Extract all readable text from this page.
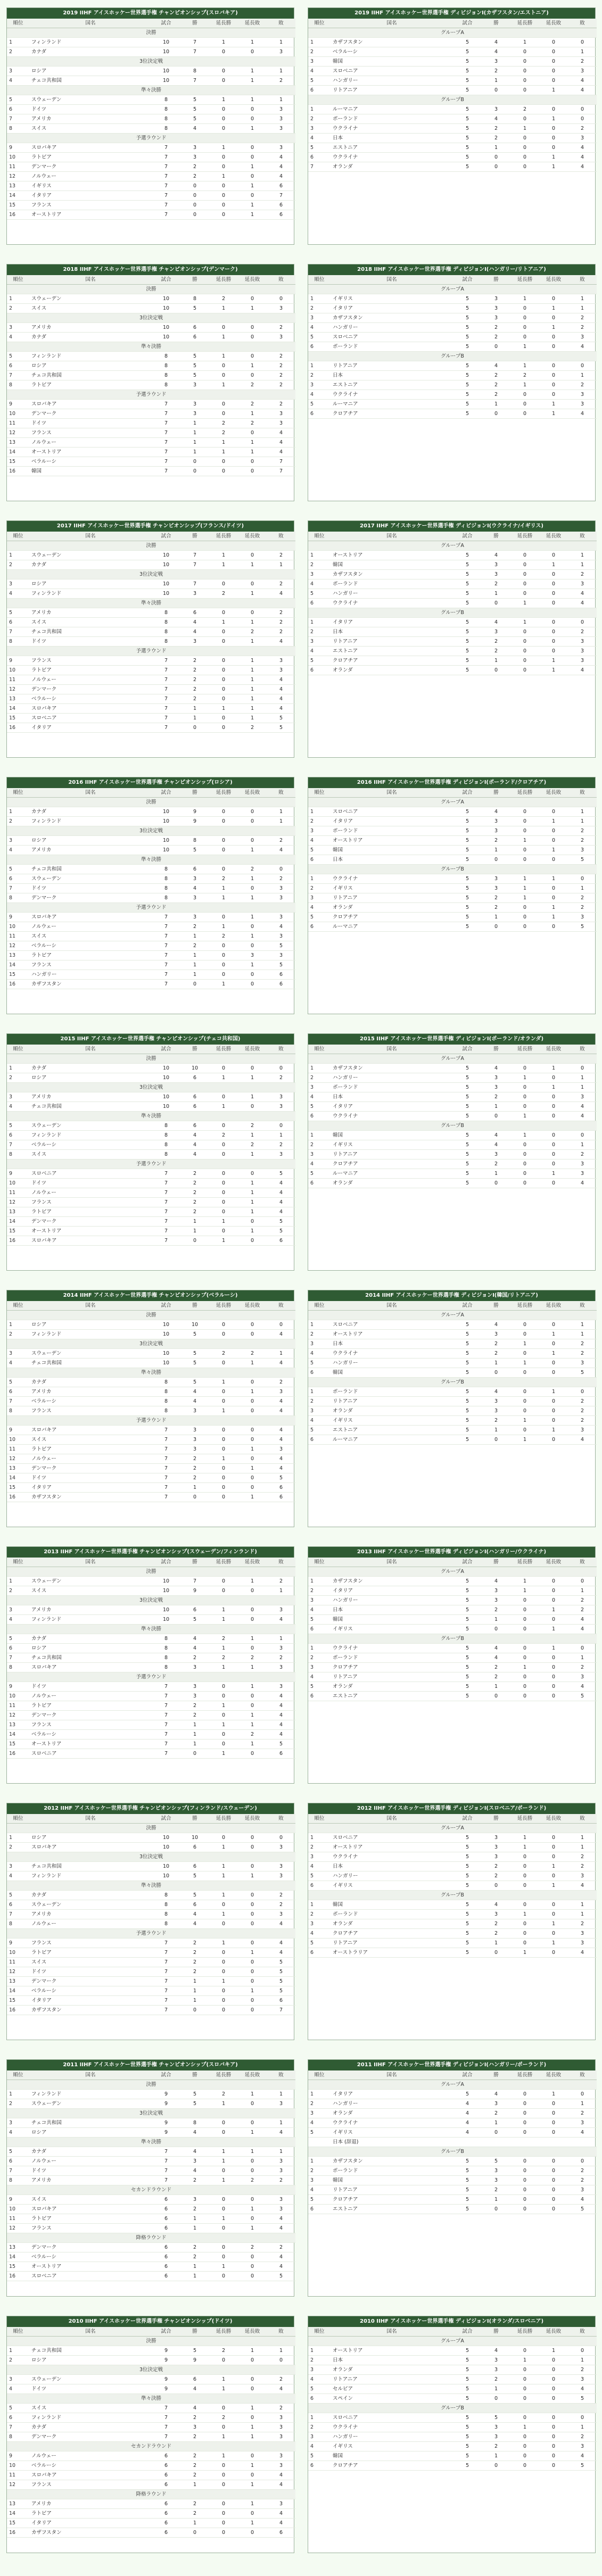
2019 IIHF アイスホッケー世界選手権 チャンピオンシップ(スロバキア)
順位	国名	試合	勝	延長勝	延長敗	敗
決勝						
1	フィンランド	10	7	1	1	1
2	カナダ	10	7	0	0	3
3位決定戦						
3	ロシア	10	8	0	1	1
4	チェコ共和国	10	7	0	1	2
準々決勝						
5	スウェーデン	8	5	1	1	1
6	ドイツ	8	5	0	0	3
7	アメリカ	8	5	0	0	3
8	スイス	8	4	0	1	3
予選ラウンド						
9	スロバキア	7	3	1	0	3
10	ラトビア	7	3	0	0	4
11	デンマーク	7	2	0	1	4
12	ノルウェー	7	2	1	0	4
13	イギリス	7	0	0	1	6
14	イタリア	7	0	0	0	7
15	フランス	7	0	0	1	6
16	オーストリア	7	0	0	1	6
2019 IIHF アイスホッケー世界選手権 ディビジョンI(カザフスタン/エストニア)
順位	国名	試合	勝	延長勝	延長敗	敗
グループA						
1	カザフスタン	5	4	1	0	0
2	ベラルーシ	5	4	0	0	1
3	韓国	5	3	0	0	2
4	スロベニア	5	2	0	0	3
5	ハンガリー	5	1	0	0	4
6	リトアニア	5	0	0	1	4
グループB						
1	ルーマニア	5	3	2	0	0
2	ポーランド	5	4	0	1	0
3	ウクライナ	5	2	1	0	2
4	日本	5	2	0	0	3
5	エストニア	5	1	0	0	4
6	ウクライナ	5	0	0	1	4
7	オランダ	5	0	0	1	4
2018 IIHF アイスホッケー世界選手権 チャンピオンシップ(デンマーク)
順位	国名	試合	勝	延長勝	延長敗	敗
決勝						
1	スウェーデン	10	8	2	0	0
2	スイス	10	5	1	1	3
3位決定戦						
3	アメリカ	10	6	0	0	2
4	カナダ	10	6	1	0	3
準々決勝						
5	フィンランド	8	5	1	0	2
6	ロシア	8	5	0	1	2
7	チェコ共和国	8	5	0	0	2
8	ラトビア	8	3	1	2	2
予選ラウンド						
9	スロバキア	7	3	0	2	2
10	デンマーク	7	3	0	1	3
11	ドイツ	7	1	2	2	3
12	フランス	7	1	2	0	4
13	ノルウェー	7	1	1	1	4
14	オーストリア	7	1	1	1	4
15	ベラルーシ	7	0	0	0	7
16	韓国	7	0	0	0	7
2018 IIHF アイスホッケー世界選手権 ディビジョンI(ハンガリー/リトアニア)
順位	国名	試合	勝	延長勝	延長敗	敗
グループA						
1	イギリス	5	3	1	0	1
2	イタリア	5	3	0	1	1
3	カザフスタン	5	3	0	0	2
4	ハンガリー	5	2	0	1	2
5	スロベニア	5	2	0	0	3
6	ポーランド	5	0	1	0	4
グループB						
1	リトアニア	5	4	1	0	0
2	日本	5	2	2	0	1
3	エストニア	5	2	1	0	2
4	ウクライナ	5	2	0	0	3
5	ルーマニア	5	1	0	1	3
6	クロアチア	5	0	0	1	4
2017 IIHF アイスホッケー世界選手権 チャンピオンシップ(フランス/ドイツ)
順位	国名	試合	勝	延長勝	延長敗	敗
決勝						
1	スウェーデン	10	7	1	0	2
2	カナダ	10	7	1	1	1
3位決定戦						
3	ロシア	10	7	0	0	2
4	フィンランド	10	3	2	1	4
準々決勝						
5	アメリカ	8	6	0	0	2
6	スイス	8	4	1	1	2
7	チェコ共和国	8	4	0	2	2
8	ドイツ	8	3	0	1	4
予選ラウンド						
9	フランス	7	2	0	1	3
10	ラトビア	7	2	0	1	3
11	ノルウェー	7	2	0	1	4
12	デンマーク	7	2	0	1	4
13	ベラルーシ	7	2	0	1	4
14	スロバキア	7	1	1	1	4
15	スロベニア	7	1	0	1	5
16	イタリア	7	0	0	2	5
2017 IIHF アイスホッケー世界選手権 ディビジョンI(ウクライナ/イギリス)
順位	国名	試合	勝	延長勝	延長敗	敗
グループA						
1	オーストリア	5	4	0	0	1
2	韓国	5	3	0	1	1
3	カザフスタン	5	3	0	0	2
4	ポーランド	5	2	0	0	3
5	ハンガリー	5	1	0	0	4
6	ウクライナ	5	0	1	0	4
グループB						
1	イタリア	5	4	1	0	0
2	日本	5	3	0	0	2
3	リトアニア	5	2	0	0	3
4	エストニア	5	2	0	0	3
5	クロアチア	5	1	0	1	3
6	オランダ	5	0	0	1	4
2016 IIHF アイスホッケー世界選手権 チャンピオンシップ(ロシア)
順位	国名	試合	勝	延長勝	延長敗	敗
決勝						
1	カナダ	10	9	0	0	1
2	フィンランド	10	9	0	0	1
3位決定戦						
3	ロシア	10	8	0	0	2
4	アメリカ	10	5	0	1	4
準々決勝						
5	チェコ共和国	8	6	0	2	0
6	スウェーデン	8	3	2	1	2
7	ドイツ	8	4	1	0	3
8	デンマーク	8	3	1	1	3
予選ラウンド						
9	スロバキア	7	3	0	1	3
10	ノルウェー	7	2	1	0	4
11	スイス	7	1	2	1	3
12	ベラルーシ	7	2	0	0	5
13	ラトビア	7	1	0	3	3
14	フランス	7	1	0	1	5
15	ハンガリー	7	1	0	0	6
16	カザフスタン	7	0	1	0	6
2016 IIHF アイスホッケー世界選手権 ディビジョンI(ポーランド/クロアチア)
順位	国名	試合	勝	延長勝	延長敗	敗
グループA						
1	スロベニア	5	4	0	0	1
2	イタリア	5	3	0	1	1
3	ポーランド	5	3	0	0	2
4	オーストリア	5	2	1	0	2
5	韓国	5	1	0	1	3
6	日本	5	0	0	0	5
グループB						
1	ウクライナ	5	3	1	1	0
2	イギリス	5	3	1	0	1
3	リトアニア	5	2	1	0	2
4	オランダ	5	2	0	1	2
5	クロアチア	5	1	0	1	3
6	ルーマニア	5	0	0	0	5
2015 IIHF アイスホッケー世界選手権 チャンピオンシップ(チェコ共和国)
順位	国名	試合	勝	延長勝	延長敗	敗
決勝						
1	カナダ	10	10	0	0	0
2	ロシア	10	6	1	1	2
3位決定戦						
3	アメリカ	10	6	0	1	3
4	チェコ共和国	10	6	1	0	3
準々決勝						
5	スウェーデン	8	6	0	2	0
6	フィンランド	8	4	2	1	1
7	ベラルーシ	8	4	0	2	2
8	スイス	8	4	0	1	3
予選ラウンド						
9	スロベニア	7	2	0	0	5
10	ドイツ	7	2	0	1	4
11	ノルウェー	7	2	0	1	4
12	フランス	7	2	0	1	4
13	ラトビア	7	2	0	1	4
14	デンマーク	7	1	1	0	5
15	オーストリア	7	1	0	1	5
16	スロバキア	7	0	1	0	6
2015 IIHF アイスホッケー世界選手権 ディビジョンI(ポーランド/オランダ)
順位	国名	試合	勝	延長勝	延長敗	敗
グループA						
1	カザフスタン	5	4	0	1	0
2	ハンガリー	5	3	1	0	1
3	ポーランド	5	3	0	1	1
4	日本	5	2	0	0	3
5	イタリア	5	1	0	0	4
6	ウクライナ	5	0	1	0	4
グループB						
1	韓国	5	4	1	0	0
2	イギリス	5	4	0	0	1
3	リトアニア	5	3	0	0	2
4	クロアチア	5	2	0	0	3
5	ルーマニア	5	1	0	1	3
6	オランダ	5	0	0	0	4
2014 IIHF アイスホッケー世界選手権 チャンピオンシップ(ベラルーシ)
順位	国名	試合	勝	延長勝	延長敗	敗
決勝						
1	ロシア	10	10	0	0	0
2	フィンランド	10	5	0	0	4
3位決定戦						
3	スウェーデン	10	5	2	2	1
4	チェコ共和国	10	5	0	1	4
準々決勝						
5	カナダ	8	5	1	0	2
6	アメリカ	8	4	0	1	3
7	ベラルーシ	8	4	0	0	4
8	フランス	8	3	1	0	4
予選ラウンド						
9	スロバキア	7	3	0	0	4
10	スイス	7	3	0	0	4
11	ラトビア	7	3	0	1	3
12	ノルウェー	7	2	1	0	4
13	デンマーク	7	2	0	1	4
14	ドイツ	7	2	0	0	5
15	イタリア	7	1	0	0	6
16	カザフスタン	7	0	0	1	6
2014 IIHF アイスホッケー世界選手権 ディビジョンI(韓国/リトアニア)
順位	国名	試合	勝	延長勝	延長敗	敗
グループA						
1	スロベニア	5	4	0	0	1
2	オーストリア	5	3	0	1	1
3	日本	5	2	1	0	2
4	ウクライナ	5	2	0	1	2
5	ハンガリー	5	1	1	0	3
6	韓国	5	0	0	0	5
グループB						
1	ポーランド	5	4	0	1	0
2	リトアニア	5	3	0	0	2
3	オランダ	5	3	0	0	2
4	イギリス	5	2	1	0	2
5	エストニア	5	1	0	1	3
6	ルーマニア	5	0	1	0	4
2013 IIHF アイスホッケー世界選手権 チャンピオンシップ(スウェーデン/フィンランド)
順位	国名	試合	勝	延長勝	延長敗	敗
決勝						
1	スウェーデン	10	7	0	1	2
2	スイス	10	9	0	0	1
3位決定戦						
3	アメリカ	10	6	1	0	3
4	フィンランド	10	5	1	0	4
準々決勝						
5	カナダ	8	4	2	1	1
6	ロシア	8	4	1	0	3
7	チェコ共和国	8	2	2	2	2
8	スロバキア	8	3	1	1	3
予選ラウンド						
9	ドイツ	7	3	0	1	3
10	ノルウェー	7	3	0	0	4
11	ラトビア	7	2	1	0	4
12	デンマーク	7	2	0	1	4
13	フランス	7	1	1	1	4
14	ベラルーシ	7	1	0	2	4
15	オーストリア	7	1	0	1	5
16	スロベニア	7	0	1	0	6
2013 IIHF アイスホッケー世界選手権 ディビジョンI(ハンガリー/ウクライナ)
順位	国名	試合	勝	延長勝	延長敗	敗
グループA						
1	カザフスタン	5	4	1	0	0
2	イタリア	5	3	1	0	1
3	ハンガリー	5	3	0	0	2
4	日本	5	2	0	1	2
5	韓国	5	1	0	0	4
6	イギリス	5	0	0	1	4
グループB						
1	ウクライナ	5	4	0	1	0
2	ポーランド	5	4	0	0	1
3	クロアチア	5	2	1	0	2
4	リトアニア	5	2	0	0	3
5	オランダ	5	1	0	0	4
6	エストニア	5	0	0	0	5
2012 IIHF アイスホッケー世界選手権 チャンピオンシップ(フィンランド/スウェーデン)
順位	国名	試合	勝	延長勝	延長敗	敗
決勝						
1	ロシア	10	10	0	0	0
2	スロバキア	10	6	1	0	3
3位決定戦						
3	チェコ共和国	10	6	1	0	3
4	フィンランド	10	5	1	1	3
準々決勝						
5	カナダ	8	5	1	0	2
6	スウェーデン	8	6	0	0	2
7	アメリカ	8	4	1	0	3
8	ノルウェー	8	4	0	0	4
予選ラウンド						
9	フランス	7	2	1	0	4
10	ラトビア	7	2	0	1	4
11	スイス	7	2	0	0	5
12	ドイツ	7	2	0	0	5
13	デンマーク	7	1	1	0	5
14	ベラルーシ	7	1	0	1	5
15	イタリア	7	1	0	0	6
16	カザフスタン	7	0	0	0	7
2012 IIHF アイスホッケー世界選手権 ディビジョンI(スロベニア/ポーランド)
順位	国名	試合	勝	延長勝	延長敗	敗
グループA						
1	スロベニア	5	3	1	0	1
2	オーストリア	5	3	1	0	1
3	ウクライナ	5	3	0	0	2
4	日本	5	2	0	1	2
5	ハンガリー	5	2	0	0	3
6	イギリス	5	0	0	1	4
グループB						
1	韓国	5	4	0	0	1
2	ポーランド	5	3	1	0	1
3	オランダ	5	2	0	1	2
4	クロアチア	5	2	0	0	3
5	リトアニア	5	1	0	1	3
6	オーストラリア	5	0	1	0	4
2011 IIHF アイスホッケー世界選手権 チャンピオンシップ(スロバキア)
順位	国名	試合	勝	延長勝	延長敗	敗
決勝						
1	フィンランド	9	5	2	1	1
2	スウェーデン	9	5	1	0	3
3位決定戦						
3	チェコ共和国	9	8	0	0	1
4	ロシア	9	4	0	1	4
準々決勝						
5	カナダ	7	4	1	1	1
6	ノルウェー	7	3	1	0	3
7	ドイツ	7	4	0	0	3
8	アメリカ	7	2	1	2	2
セカンドラウンド						
9	スイス	6	3	0	0	3
10	スロバキア	6	2	0	1	3
11	ラトビア	6	1	1	0	4
12	フランス	6	1	0	1	4
降格ラウンド						
13	デンマーク	6	2	0	2	2
14	ベラルーシ	6	2	0	0	4
15	オーストリア	6	1	1	0	4
16	スロベニア	6	1	0	0	5
2011 IIHF アイスホッケー世界選手権 ディビジョンI(ハンガリー/ポーランド)
順位	国名	試合	勝	延長勝	延長敗	敗
グループA						
1	イタリア	5	4	0	1	0
2	ハンガリー	4	3	0	0	1
3	オランダ	4	2	0	0	2
4	ウクライナ	4	1	0	0	3
5	イギリス	4	0	0	0	4
	日本 (辞退)					
グループB						
1	カザフスタン	5	5	0	0	0
2	ポーランド	5	3	0	0	2
3	韓国	5	3	0	0	2
4	リトアニア	5	2	0	0	3
5	クロアチア	5	1	0	0	4
6	エストニア	5	0	0	0	5
2010 IIHF アイスホッケー世界選手権 チャンピオンシップ(ドイツ)
順位	国名	試合	勝	延長勝	延長敗	敗
決勝						
1	チェコ共和国	9	5	2	1	1
2	ロシア	9	9	0	0	0
3位決定戦						
3	スウェーデン	9	6	1	0	2
4	ドイツ	9	4	1	0	4
準々決勝						
5	スイス	7	4	0	1	2
6	フィンランド	7	2	2	0	3
7	カナダ	7	3	0	1	3
8	デンマーク	7	2	1	1	3
セカンドラウンド						
9	ノルウェー	6	2	1	0	3
10	ベラルーシ	6	2	0	1	3
11	スロバキア	6	2	0	0	4
12	フランス	6	1	0	1	4
降格ラウンド						
13	アメリカ	6	2	0	1	3
14	ラトビア	6	2	0	0	4
15	イタリア	6	1	0	1	4
16	カザフスタン	6	0	0	0	6
2010 IIHF アイスホッケー世界選手権 ディビジョンI(オランダ/スロベニア)
順位	国名	試合	勝	延長勝	延長敗	敗
グループA						
1	オーストリア	5	4	0	1	0
2	日本	5	3	1	0	1
3	オランダ	5	3	0	0	2
4	リトアニア	5	2	0	0	3
5	セルビア	5	1	0	0	4
6	スペイン	5	0	0	0	5
グループB						
1	スロベニア	5	5	0	0	0
2	ウクライナ	5	3	1	0	1
3	ハンガリー	5	3	0	0	2
4	イギリス	5	2	0	0	3
5	韓国	5	1	0	0	4
6	クロアチア	5	0	0	0	5
